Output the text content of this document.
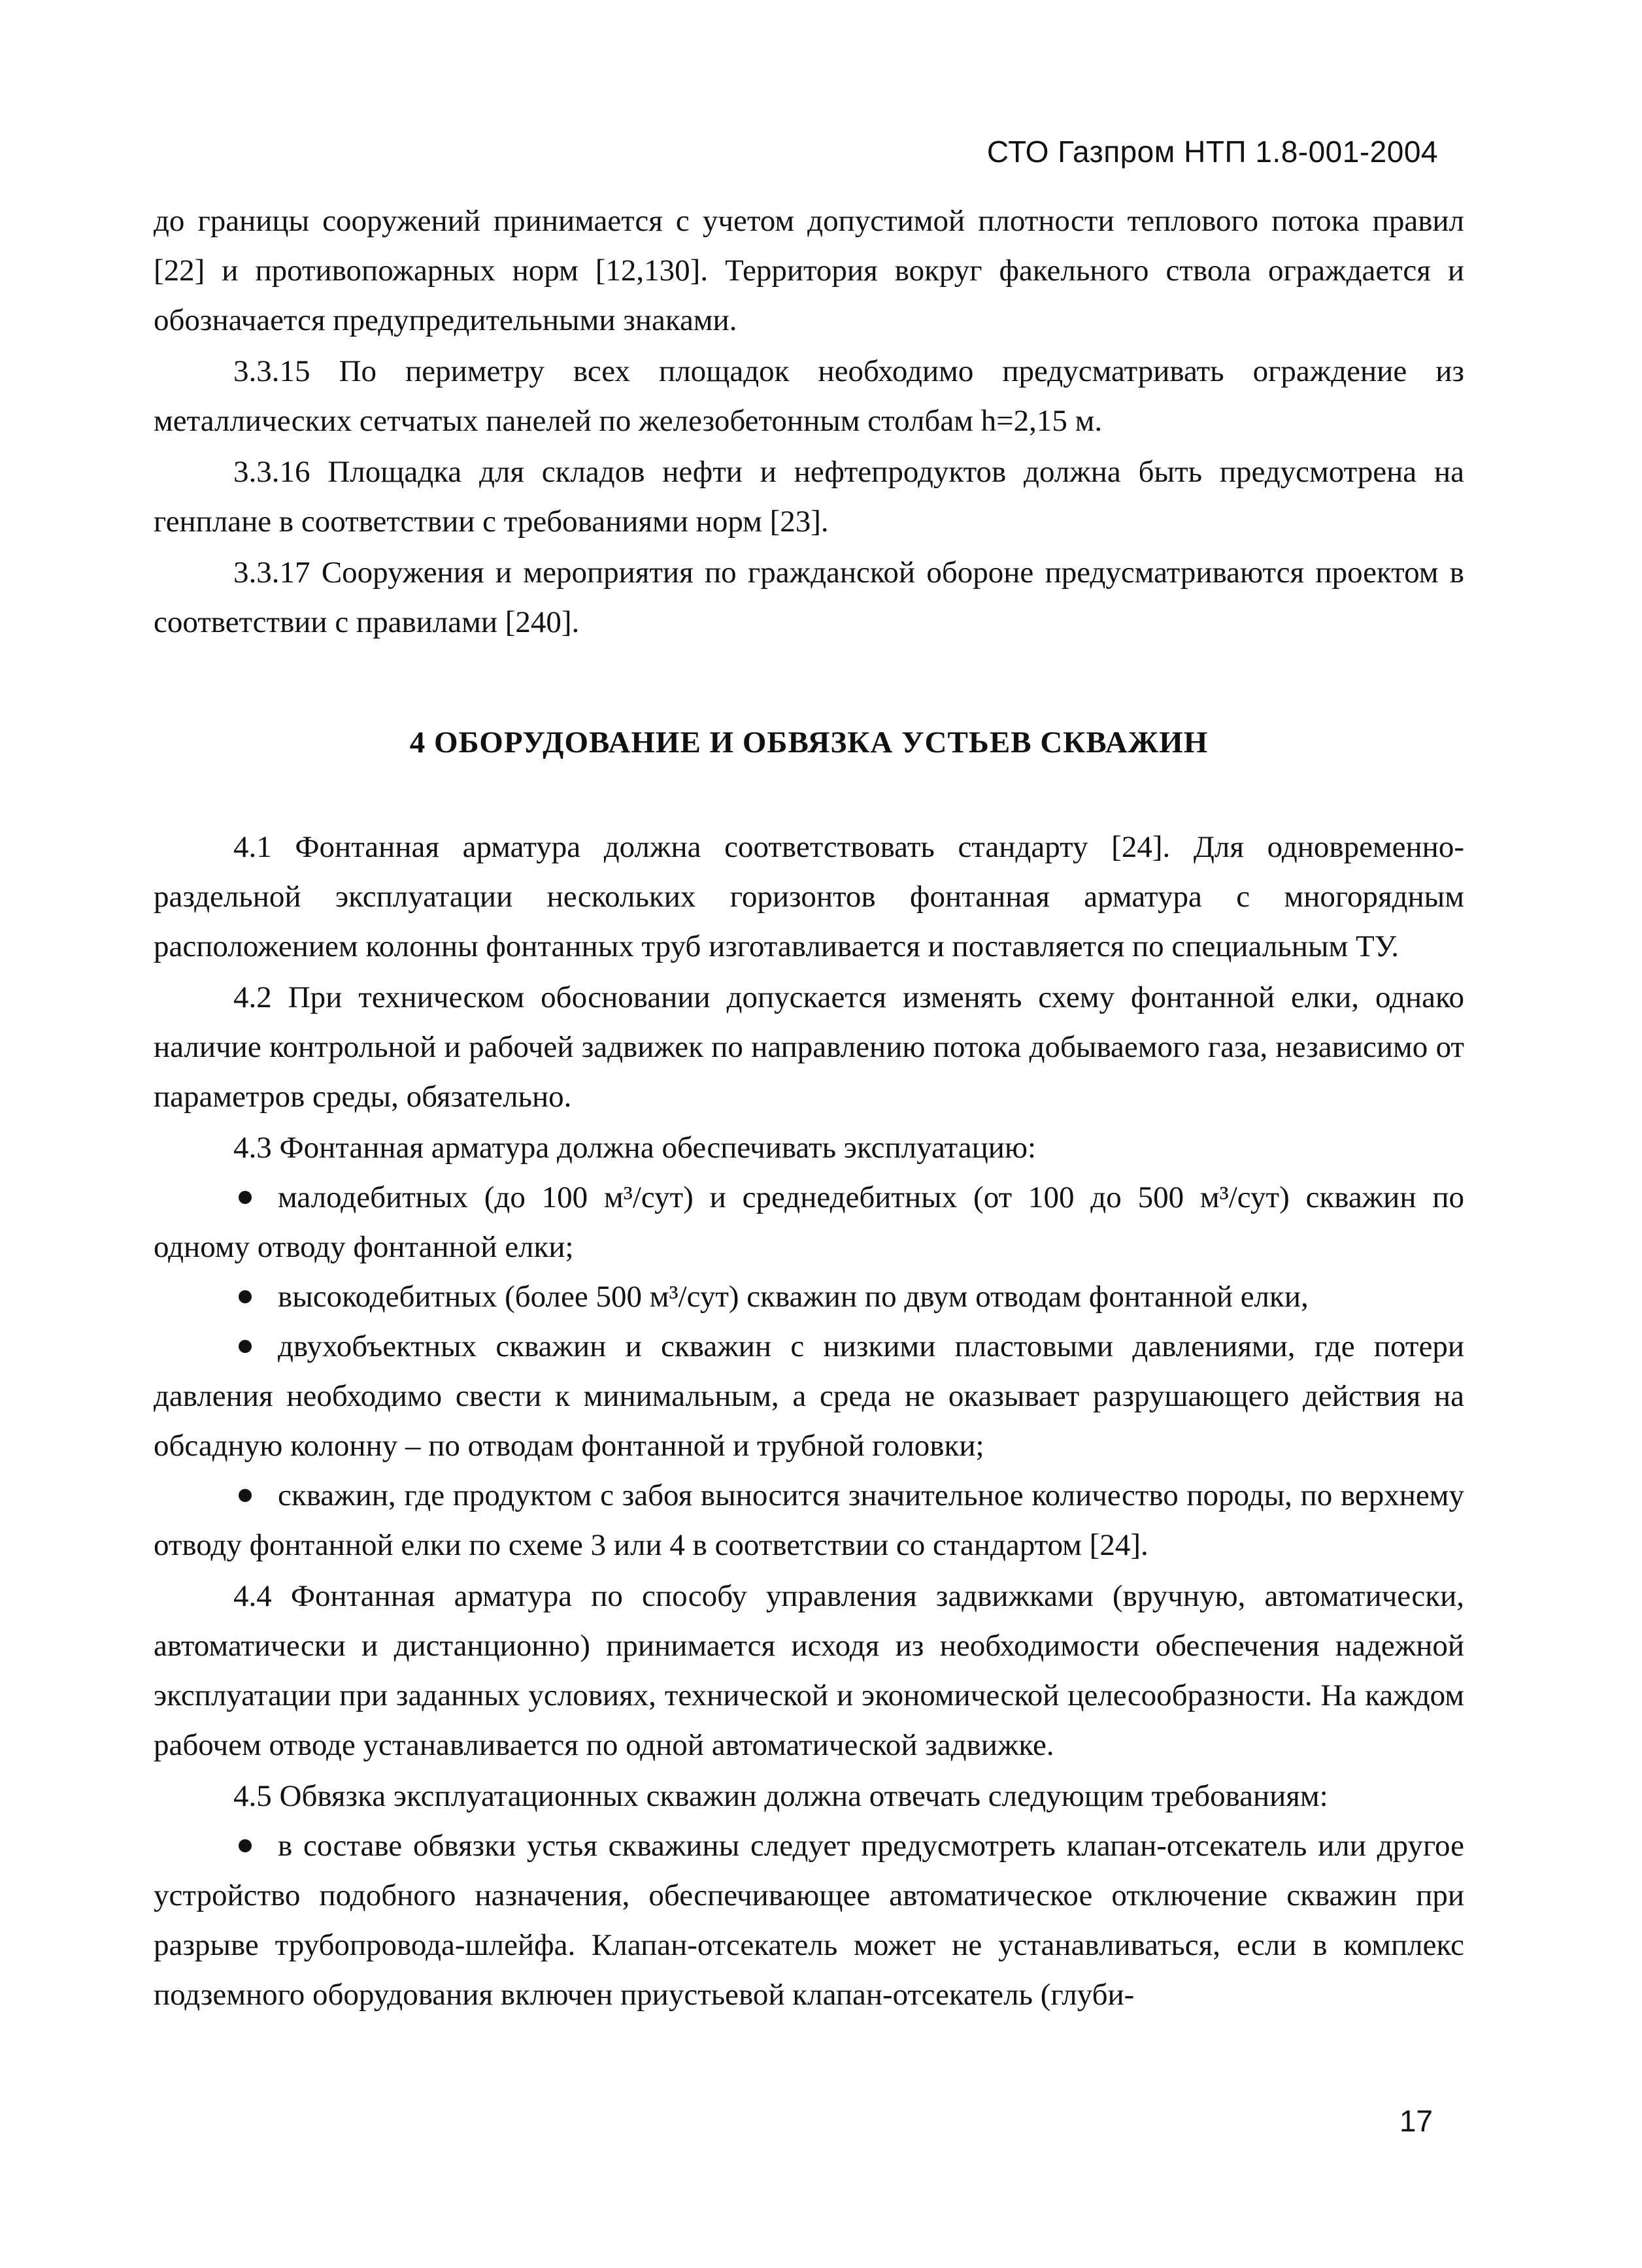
СТО Газпром НТП 1.8-001-2004

до границы сооружений принимается с учетом допустимой плотности теплового потока правил [22] и противопожарных норм [12,130]. Территория вокруг факельного ствола ограждается и обозначается предупредительными знаками.

3.3.15 По периметру всех площадок необходимо предусматривать ограждение из металлических сетчатых панелей по железобетонным столбам h=2,15 м.

3.3.16 Площадка для складов нефти и нефтепродуктов должна быть предусмотрена на генплане в соответствии с требованиями норм [23].

3.3.17 Сооружения и мероприятия по гражданской обороне предусматриваются проектом в соответствии с правилами [240].

4 ОБОРУДОВАНИЕ И ОБВЯЗКА УСТЬЕВ СКВАЖИН

4.1 Фонтанная арматура должна соответствовать стандарту [24]. Для одновременно-раздельной эксплуатации нескольких горизонтов фонтанная арматура с многорядным расположением колонны фонтанных труб изготавливается и поставляется по специальным ТУ.

4.2 При техническом обосновании допускается изменять схему фонтанной елки, однако наличие контрольной и рабочей задвижек по направлению потока добываемого газа, независимо от параметров среды, обязательно.

4.3 Фонтанная арматура должна обеспечивать эксплуатацию:

малодебитных (до 100 м³/сут) и среднедебитных (от 100 до 500 м³/сут) скважин по одному отводу фонтанной елки;

высокодебитных (более 500 м³/сут) скважин по двум отводам фонтанной елки,

двухобъектных скважин и скважин с низкими пластовыми давлениями, где потери давления необходимо свести к минимальным, а среда не оказывает разрушающего действия на обсадную колонну – по отводам фонтанной и трубной головки;

скважин, где продуктом с забоя выносится значительное количество породы, по верхнему отводу фонтанной елки по схеме 3 или 4 в соответствии со стандартом [24].

4.4 Фонтанная арматура по способу управления задвижками (вручную, автоматически, автоматически и дистанционно) принимается исходя из необходимости обеспечения надежной эксплуатации при заданных условиях, технической и экономической целесообразности. На каждом рабочем отводе устанавливается по одной автоматической задвижке.

4.5 Обвязка эксплуатационных скважин должна отвечать следующим требованиям:

в составе обвязки устья скважины следует предусмотреть клапан-отсекатель или другое устройство подобного назначения, обеспечивающее автоматическое отключение скважин при разрыве трубопровода-шлейфа. Клапан-отсекатель может не устанавливаться, если в комплекс подземного оборудования включен приустьевой клапан-отсекатель (глуби-

17
